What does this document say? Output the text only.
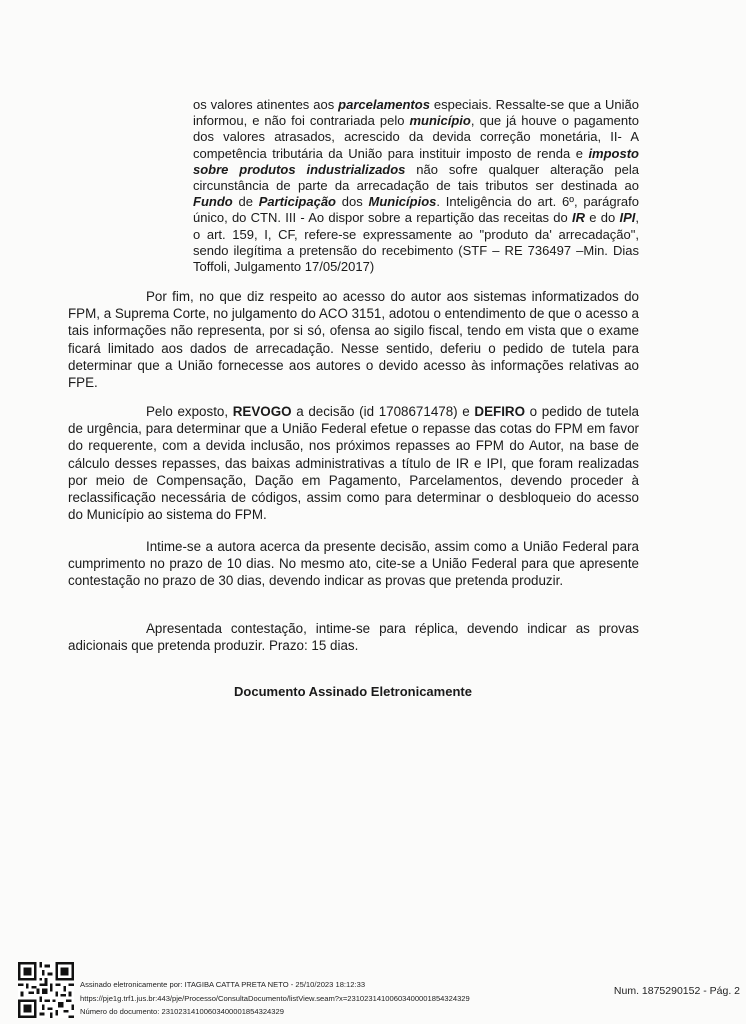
os valores atinentes aos parcelamentos especiais. Ressalte-se que a União informou, e não foi contrariada pelo município, que já houve o pagamento dos valores atrasados, acrescido da devida correção monetária, II- A competência tributária da União para instituir imposto de renda e imposto sobre produtos industrializados não sofre qualquer alteração pela circunstância de parte da arrecadação de tais tributos ser destinada ao Fundo de Participação dos Municípios. Inteligência do art. 6º, parágrafo único, do CTN. III - Ao dispor sobre a repartição das receitas do IR e do IPI, o art. 159, I, CF, refere-se expressamente ao "produto da' arrecadação", sendo ilegítima a pretensão do recebimento (STF – RE 736497 –Min. Dias Toffoli, Julgamento 17/05/2017)
Por fim, no que diz respeito ao acesso do autor aos sistemas informatizados do FPM, a Suprema Corte, no julgamento do ACO 3151, adotou o entendimento de que o acesso a tais informações não representa, por si só, ofensa ao sigilo fiscal, tendo em vista que o exame ficará limitado aos dados de arrecadação. Nesse sentido, deferiu o pedido de tutela para determinar que a União fornecesse aos autores o devido acesso às informações relativas ao FPE.
Pelo exposto, REVOGO a decisão (id 1708671478) e DEFIRO o pedido de tutela de urgência, para determinar que a União Federal efetue o repasse das cotas do FPM em favor do requerente, com a devida inclusão, nos próximos repasses ao FPM do Autor, na base de cálculo desses repasses, das baixas administrativas a título de IR e IPI, que foram realizadas por meio de Compensação, Dação em Pagamento, Parcelamentos, devendo proceder à reclassificação necessária de códigos, assim como para determinar o desbloqueio do acesso do Município ao sistema do FPM.
Intime-se a autora acerca da presente decisão, assim como a União Federal para cumprimento no prazo de 10 dias. No mesmo ato, cite-se a União Federal para que apresente contestação no prazo de 30 dias, devendo indicar as provas que pretenda produzir.
Apresentada contestação, intime-se para réplica, devendo indicar as provas adicionais que pretenda produzir. Prazo: 15 dias.
Documento Assinado Eletronicamente
Assinado eletronicamente por: ITAGIBA CATTA PRETA NETO - 25/10/2023 18:12:33
https://pje1g.trf1.jus.br:443/pje/Processo/ConsultaDocumento/listView.seam?x=23102314100603400001854324329
Número do documento: 23102314100603400001854324329
Num. 1875290152 - Pág. 2
